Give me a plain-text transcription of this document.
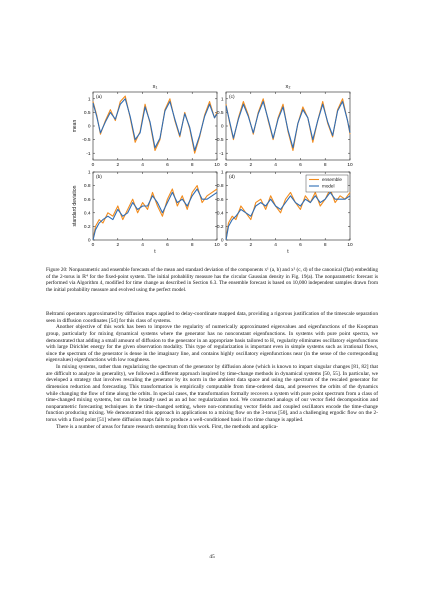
0	2	4	6	8	10
-1
-0.5
0
0.5
1 (a)
x₁
mean
0	2	4	6	8	10
-1
-0.5
0
0.5
1 (c)
x₂
0	2	4	6	8	10
0
0.2
0.4
0.6
0.8
1
(b)
t
standard deviation
0	2	4	6	8	10
0
0.2
0.4
0.6
0.8
1
(d)
t
ensemble
model
Figure 20: Nonparametric and ensemble forecasts of the mean and standard deviation of the components x¹ (a, b) and x² (c, d) of the canonical (flat) embedding of the 2-torus in ℝ⁴ for the fixed-point system. The initial probability measure has the circular Gaussian density in Fig. 19(a). The nonparametric forecast is performed via Algorithm 4, modified for time change as described in Section 6.3. The ensemble forecast is based on 10,000 independent samples drawn from the initial probability measure and evolved using the perfect model.

Beltrami operators approximated by diffusion maps applied to delay-coordinate mapped data, providing a rigorous justification of the timescale separation seen in diffusion coordinates [54] for this class of systems.

Another objective of this work has been to improve the regularity of numerically approximated eigenvalues and eigenfunctions of the Koopman group, particularly for mixing dynamical systems where the generator has no nonconstant eigenfunctions. In systems with pure point spectra, we demonstrated that adding a small amount of diffusion to the generator in an appropriate basis tailored to H₁ regularity eliminates oscillatory eigenfunctions with large Dirichlet energy for the given observation modality. This type of regularization is important even in simple systems such as irrational flows, since the spectrum of the generator is dense in the imaginary line, and contains highly oscillatory eigenfunctions near (in the sense of the corresponding eigenvalues) eigenfunctions with low roughness.

In mixing systems, rather than regularizing the spectrum of the generator by diffusion alone (which is known to impart singular changes [81, 82] that are difficult to analyze in generality), we followed a different approach inspired by time-change methods in dynamical systems [50, 55]. In particular, we developed a strategy that involves rescaling the generator by its norm in the ambient data space and using the spectrum of the rescaled generator for dimension reduction and forecasting. This transformation is empirically computable from time-ordered data, and preserves the orbits of the dynamics while changing the flow of time along the orbits. In special cases, the transformation formally recovers a system with pure point spectrum from a class of time-changed mixing systems, but can be broadly used as an ad hoc regularization tool. We constructed analogs of our vector field decomposition and nonparametric forecasting techniques in the time-changed setting, where non-commuting vector fields and coupled oscillators encode the time-change function producing mixing. We demonstrated this approach in applications to a mixing flow on the 3-torus [50], and a challenging ergodic flow on the 2-torus with a fixed point [51] where diffusion maps fails to produce a well-conditioned basis if no time change is applied.

There is a number of areas for future research stemming from this work. First, the methods and applica-

45
